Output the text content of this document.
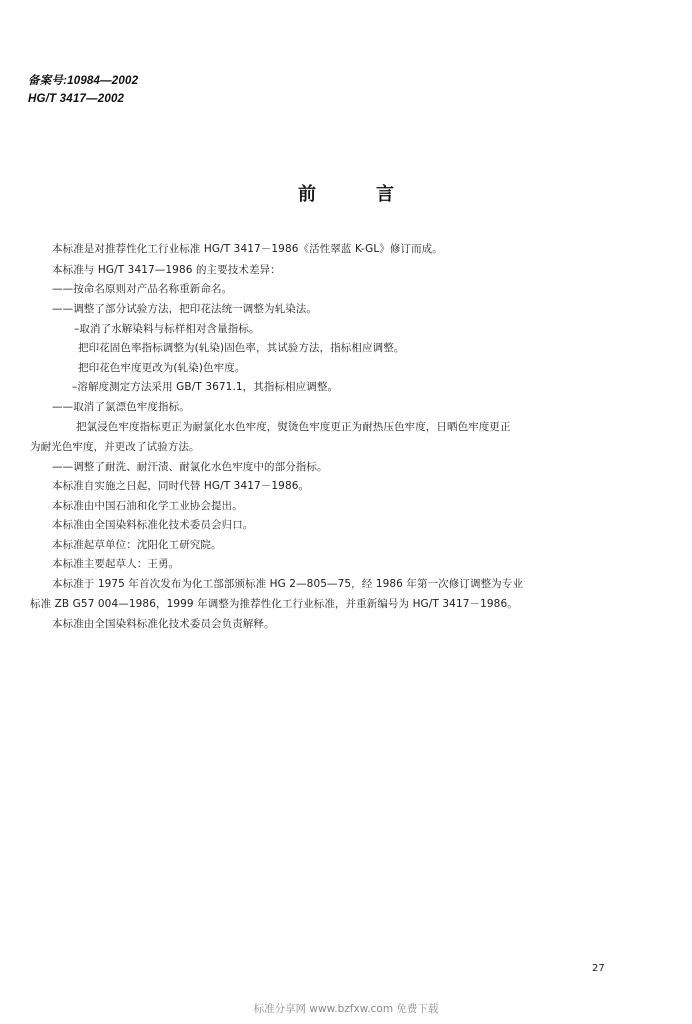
备案号:10984—2002
HG/T 3417—2002
前	言
本标准是对推荐性化工行业标准 HG/T 3417－1986《活性翠蓝 K-GL》修订而成。
本标准与 HG/T 3417—1986 的主要技术差异：
——按命名原则对产品名称重新命名。
——调整了部分试验方法，把印花法统一调整为轧染法。
–取消了水解染料与标样相对含量指标。
把印花固色率指标调整为(轧染)固色率，其试验方法，指标相应调整。
把印花色牢度更改为(轧染)色牢度。
–溶解度测定方法采用 GB/T 3671.1，其指标相应调整。
——取消了氯漂色牢度指标。
把氯浸色牢度指标更正为耐氯化水色牢度，熨烫色牢度更正为耐热压色牢度，日晒色牢度更正
为耐光色牢度，并更改了试验方法。
——调整了耐洗、耐汗渍、耐氯化水色牢度中的部分指标。
本标准自实施之日起，同时代替 HG/T 3417－1986。
本标准由中国石油和化学工业协会提出。
本标准由全国染料标准化技术委员会归口。
本标准起草单位：沈阳化工研究院。
本标准主要起草人：王勇。
本标准于 1975 年首次发布为化工部部颁标准 HG 2—805—75，经 1986 年第一次修订调整为专业
标准 ZB G57 004—1986，1999 年调整为推荐性化工行业标准，并重新编号为 HG/T 3417－1986。
本标准由全国染料标准化技术委员会负责解释。
27
标准分享网 www.bzfxw.com 免费下载
